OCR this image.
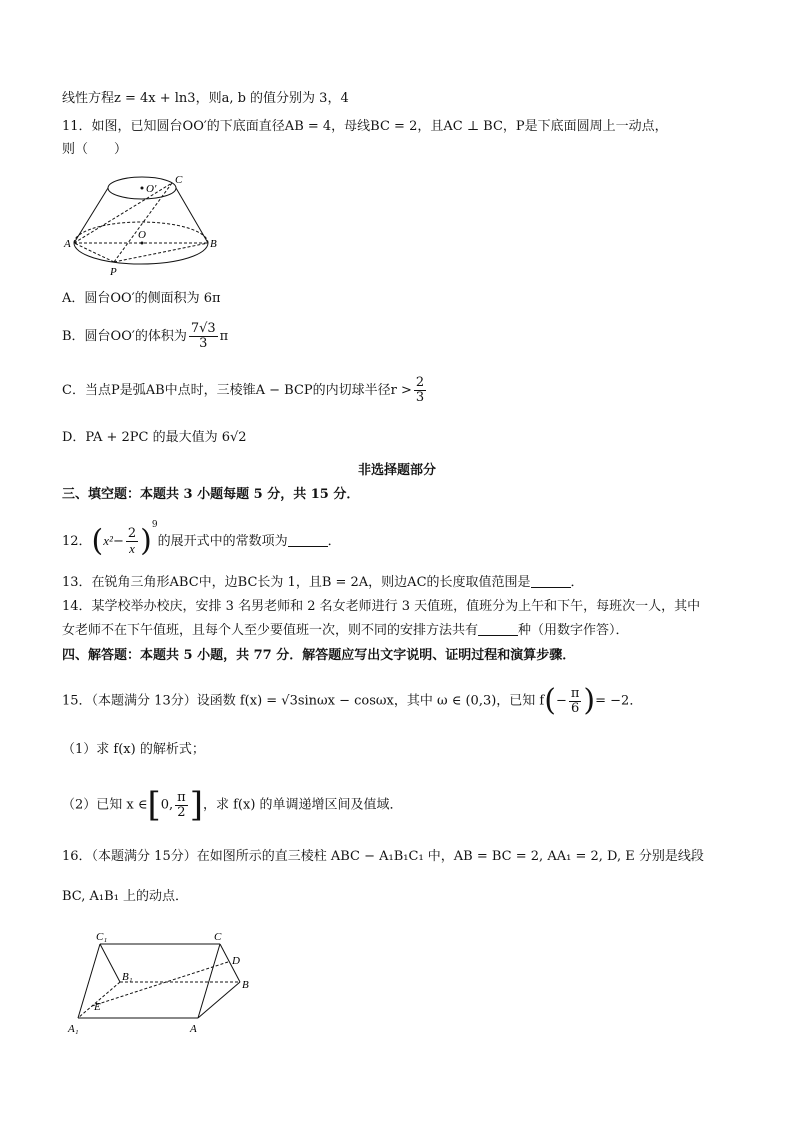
线性方程z = 4x + ln3，则a, b 的值分别为 3，4
11．如图，已知圆台OO′的下底面直径AB = 4，母线BC = 2，且AC ⊥ BC，P是下底面圆周上一动点，
则（　　）
O′
C
O
A	B
P
A．圆台OO′的侧面积为 6π
B．圆台OO′的体积为 $\frac{7√3}{3}$ π
C．当点P是弧AB中点时，三棱锥A − BCP的内切球半径$r > \frac{2}{3}$
D．PA + 2PC 的最大值为 6√2
非选择题部分
三、填空题：本题共 3 小题每题 5 分，共 15 分．
12．$(x^2- \frac{2}{x} )^9$的展开式中的常数项为	．
13．在锐角三角形ABC中，边BC长为 1，且B = 2A，则边AC的长度取值范围是	．
14．某学校举办校庆，安排 3 名男老师和 2 名女老师进行 3 天值班，值班分为上午和下午，每班次一人，其中
女老师不在下午值班，且每个人至少要值班一次，则不同的安排方法共有	种（用数字作答）．
四、解答题：本题共 5 小题，共 77 分．解答题应写出文字说明、证明过程和演算步骤．
15．（本题满分 13分）设函数 f(x) = √3sinωx − cosωx，其中 ω ∈ (0,3)，已知 $f(- \frac{\pi}{6}$ )= −2．
（1）求 f(x) 的解析式；
（2）已知 x ∈[0, $\frac{\pi}{2}$ ]，求 f(x) 的单调递增区间及值域．
16．（本题满分 15分）在如图所示的直三棱柱 ABC − A₁B₁C₁ 中，AB = BC = 2, AA₁ = 2, D, E 分别是线段
BC, A₁B₁ 上的动点．
C₁	C
D
B₁
B
E
A₁	A
